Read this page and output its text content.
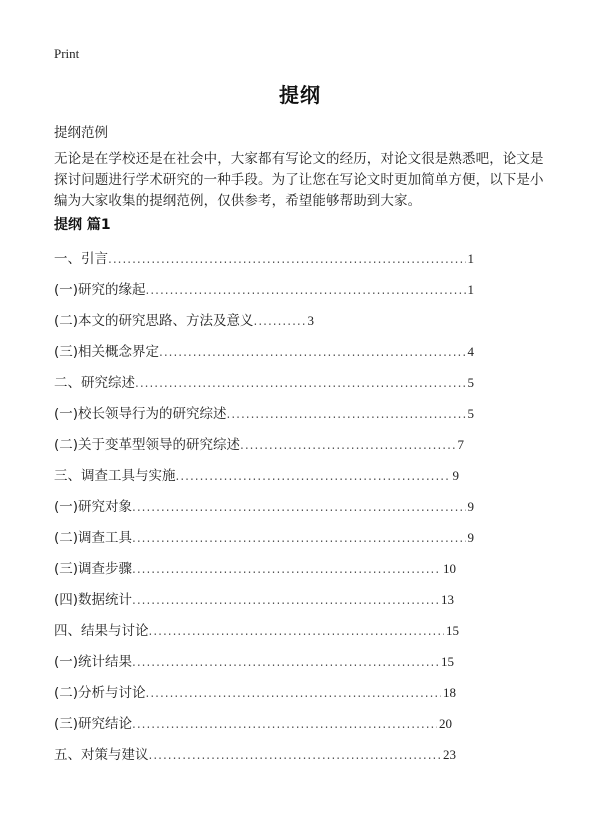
Print
提纲
提纲范例
无论是在学校还是在社会中，大家都有写论文的经历，对论文很是熟悉吧，论文是
探讨问题进行学术研究的一种手段。为了让您在写论文时更加简单方便，以下是小
编为大家收集的提纲范例，仅供参考，希望能够帮助到大家。
提纲 篇1
一、引言 .....	1
(一)研究的缘起 .....	1
(二)本文的研究思路、方法及意义 .....	3
(三)相关概念界定 .....	4
二、研究综述 .....	5
(一)校长领导行为的研究综述 .....	5
(二)关于变革型领导的研究综述 .....	7
三、调查工具与实施 .....	9
(一)研究对象 .....	9
(二)调查工具 .....	9
(三)调查步骤 .....	10
(四)数据统计 .....	13
四、结果与讨论 .....	15
(一)统计结果 .....	15
(二)分析与讨论 .....	18
(三)研究结论 .....	20
五、对策与建议 .....	23
